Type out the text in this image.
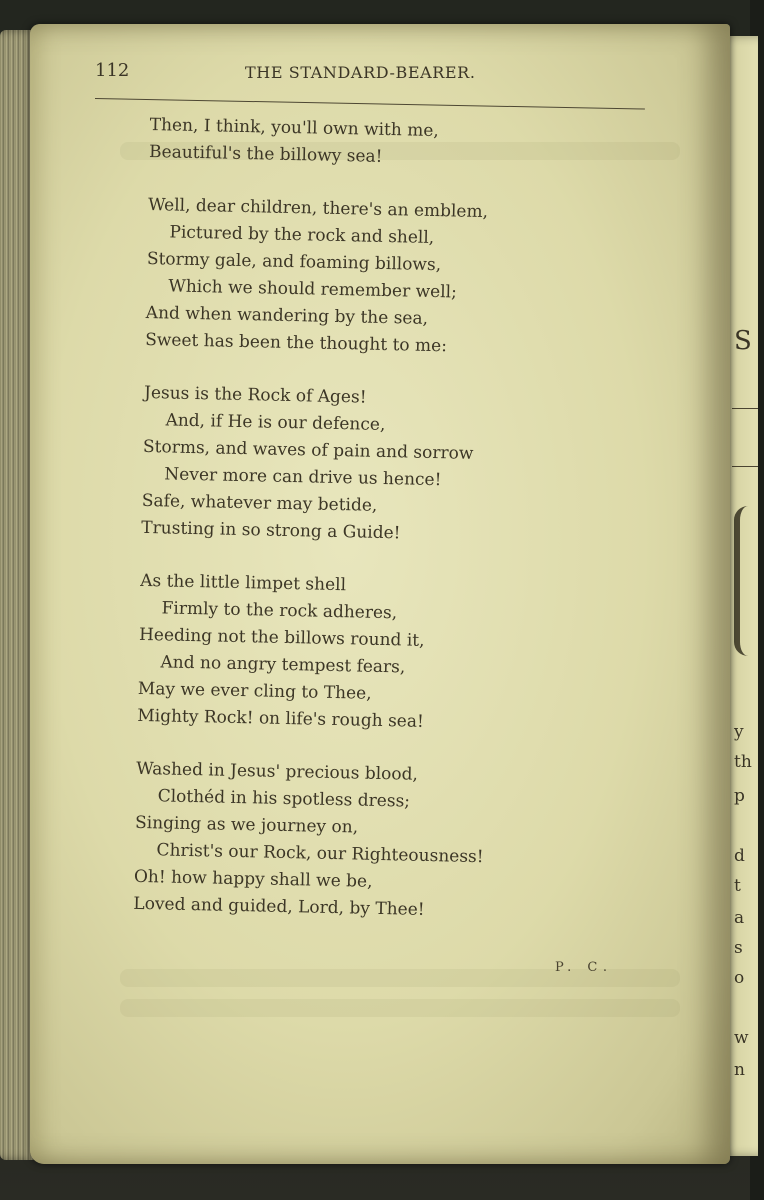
S
y
th
p
d
t
a
s
o
w
n
112	THE STANDARD-BEARER.
Then, I think, you'll own with me,
Beautiful's the billowy sea!
Well, dear children, there's an emblem,
Pictured by the rock and shell,
Stormy gale, and foaming billows,
Which we should remember well;
And when wandering by the sea,
Sweet has been the thought to me:
Jesus is the Rock of Ages!
And, if He is our defence,
Storms, and waves of pain and sorrow
Never more can drive us hence!
Safe, whatever may betide,
Trusting in so strong a Guide!
As the little limpet shell
Firmly to the rock adheres,
Heeding not the billows round it,
And no angry tempest fears,
May we ever cling to Thee,
Mighty Rock! on life's rough sea!
Washed in Jesus' precious blood,
Clothéd in his spotless dress;
Singing as we journey on,
Christ's our Rock, our Righteousness!
Oh! how happy shall we be,
Loved and guided, Lord, by Thee!
P. C.
